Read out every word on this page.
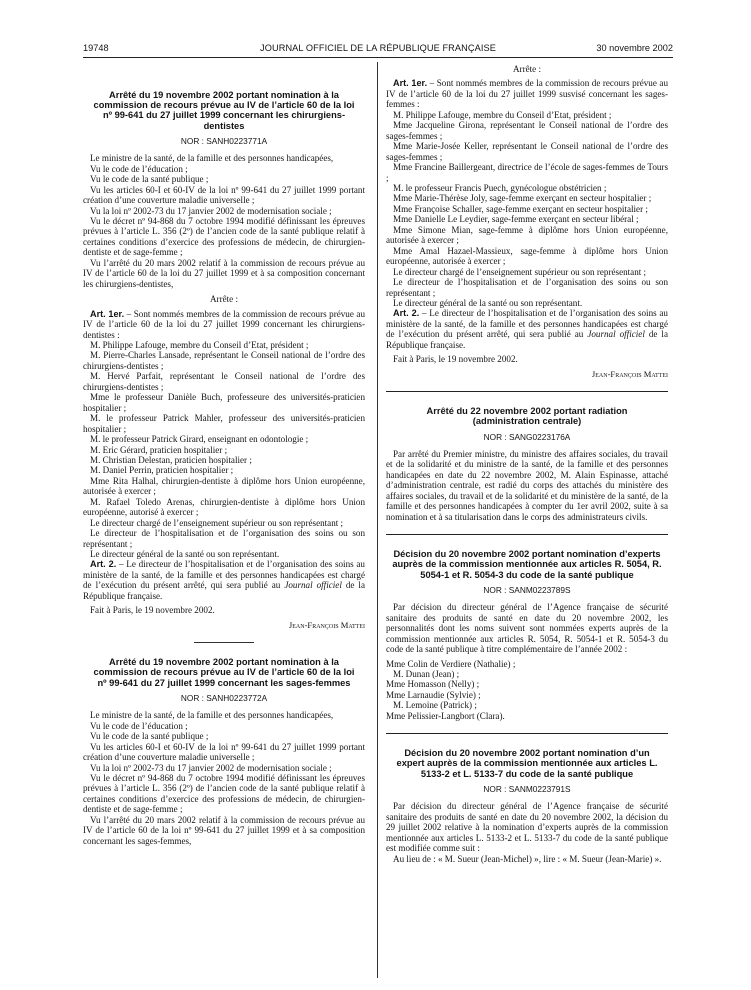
19748	JOURNAL OFFICIEL DE LA RÉPUBLIQUE FRANÇAISE	30 novembre 2002
Arrêté du 19 novembre 2002 portant nomination à la commission de recours prévue au IV de l’article 60 de la loi nº 99-641 du 27 juillet 1999 concernant les chirurgiens-dentistes
NOR : SANH0223771A

Le ministre de la santé, de la famille et des personnes handicapées,

Vu le code de l’éducation ;

Vu le code de la santé publique ;

Vu les articles 60-I et 60-IV de la loi nº 99-641 du 27 juillet 1999 portant création d’une couverture maladie universelle ;

Vu la loi nº 2002-73 du 17 janvier 2002 de modernisation sociale ;

Vu le décret nº 94-868 du 7 octobre 1994 modifié définissant les épreuves prévues à l’article L. 356 (2º) de l’ancien code de la santé publique relatif à certaines conditions d’exercice des professions de médecin, de chirurgien-dentiste et de sage-femme ;

Vu l’arrêté du 20 mars 2002 relatif à la commission de recours prévue au IV de l’article 60 de la loi du 27 juillet 1999 et à sa composition concernant les chirurgiens-dentistes,

Arrête :

Art. 1er. – Sont nommés membres de la commission de recours prévue au IV de l’article 60 de la loi du 27 juillet 1999 concernant les chirurgiens-dentistes :

M. Philippe Lafouge, membre du Conseil d’Etat, président ;

M. Pierre-Charles Lansade, représentant le Conseil national de l’ordre des chirurgiens-dentistes ;

M. Hervé Parfait, représentant le Conseil national de l’ordre des chirurgiens-dentistes ;

Mme le professeur Danièle Buch, professeure des universités-praticien hospitalier ;

M. le professeur Patrick Mahler, professeur des universités-praticien hospitalier ;

M. le professeur Patrick Girard, enseignant en odontologie ;

M. Eric Gérard, praticien hospitalier ;

M. Christian Delestan, praticien hospitalier ;

M. Daniel Perrin, praticien hospitalier ;

Mme Rita Halhal, chirurgien-dentiste à diplôme hors Union européenne, autorisée à exercer ;

M. Rafael Toledo Arenas, chirurgien-dentiste à diplôme hors Union européenne, autorisé à exercer ;

Le directeur chargé de l’enseignement supérieur ou son représentant ;

Le directeur de l’hospitalisation et de l’organisation des soins ou son représentant ;

Le directeur général de la santé ou son représentant.

Art. 2. – Le directeur de l’hospitalisation et de l’organisation des soins au ministère de la santé, de la famille et des personnes handicapées est chargé de l’exécution du présent arrêté, qui sera publié au Journal officiel de la République française.

Fait à Paris, le 19 novembre 2002.

Jean-François Mattei

Arrêté du 19 novembre 2002 portant nomination à la commission de recours prévue au IV de l’article 60 de la loi nº 99-641 du 27 juillet 1999 concernant les sages-femmes
NOR : SANH0223772A

Le ministre de la santé, de la famille et des personnes handicapées,

Vu le code de l’éducation ;

Vu le code de la santé publique ;

Vu les articles 60-I et 60-IV de la loi nº 99-641 du 27 juillet 1999 portant création d’une couverture maladie universelle ;

Vu la loi nº 2002-73 du 17 janvier 2002 de modernisation sociale ;

Vu le décret nº 94-868 du 7 octobre 1994 modifié définissant les épreuves prévues à l’article L. 356 (2º) de l’ancien code de la santé publique relatif à certaines conditions d’exercice des professions de médecin, de chirurgien-dentiste et de sage-femme ;

Vu l’arrêté du 20 mars 2002 relatif à la commission de recours prévue au IV de l’article 60 de la loi nº 99-641 du 27 juillet 1999 et à sa composition concernant les sages-femmes,

Arrête :

Art. 1er. – Sont nommés membres de la commission de recours prévue au IV de l’article 60 de la loi du 27 juillet 1999 susvisé concernant les sages-femmes :

M. Philippe Lafouge, membre du Conseil d’Etat, président ;

Mme Jacqueline Girona, représentant le Conseil national de l’ordre des sages-femmes ;

Mme Marie-Josée Keller, représentant le Conseil national de l’ordre des sages-femmes ;

Mme Francine Baillergeant, directrice de l’école de sages-femmes de Tours ;

M. le professeur Francis Puech, gynécologue obstétricien ;

Mme Marie-Thérèse Joly, sage-femme exerçant en secteur hospitalier ;

Mme Françoise Schaller, sage-femme exerçant en secteur hospitalier ;

Mme Danielle Le Leydier, sage-femme exerçant en secteur libéral ;

Mme Simone Mian, sage-femme à diplôme hors Union européenne, autorisée à exercer ;

Mme Amal Hazael-Massieux, sage-femme à diplôme hors Union européenne, autorisée à exercer ;

Le directeur chargé de l’enseignement supérieur ou son représentant ;

Le directeur de l’hospitalisation et de l’organisation des soins ou son représentant ;

Le directeur général de la santé ou son représentant.

Art. 2. – Le directeur de l’hospitalisation et de l’organisation des soins au ministère de la santé, de la famille et des personnes handicapées est chargé de l’exécution du présent arrêté, qui sera publié au Journal officiel de la République française.

Fait à Paris, le 19 novembre 2002.

Jean-François Mattei

Arrêté du 22 novembre 2002 portant radiation (administration centrale)
NOR : SANG0223176A

Par arrêté du Premier ministre, du ministre des affaires sociales, du travail et de la solidarité et du ministre de la santé, de la famille et des personnes handicapées en date du 22 novembre 2002, M. Alain Espinasse, attaché d’administration centrale, est radié du corps des attachés du ministère des affaires sociales, du travail et de la solidarité et du ministère de la santé, de la famille et des personnes handicapées à compter du 1er avril 2002, suite à sa nomination et à sa titularisation dans le corps des administrateurs civils.

Décision du 20 novembre 2002 portant nomination d’experts auprès de la commission mentionnée aux articles R. 5054, R. 5054-1 et R. 5054-3 du code de la santé publique
NOR : SANM0223789S

Par décision du directeur général de l’Agence française de sécurité sanitaire des produits de santé en date du 20 novembre 2002, les personnalités dont les noms suivent sont nommées experts auprès de la commission mentionnée aux articles R. 5054, R. 5054-1 et R. 5054-3 du code de la santé publique à titre complémentaire de l’année 2002 :

Mme Colin de Verdiere (Nathalie) ;

M. Dunan (Jean) ;

Mme Homasson (Nelly) ;

Mme Larnaudie (Sylvie) ;

M. Lemoine (Patrick) ;

Mme Pelissier-Langbort (Clara).

Décision du 20 novembre 2002 portant nomination d’un expert auprès de la commission mentionnée aux articles L. 5133-2 et L. 5133-7 du code de la santé publique
NOR : SANM0223791S

Par décision du directeur général de l’Agence française de sécurité sanitaire des produits de santé en date du 20 novembre 2002, la décision du 29 juillet 2002 relative à la nomination d’experts auprès de la commission mentionnée aux articles L. 5133-2 et L. 5133-7 du code de la santé publique est modifiée comme suit :

Au lieu de : « M. Sueur (Jean-Michel) », lire : « M. Sueur (Jean-Marie) ».
